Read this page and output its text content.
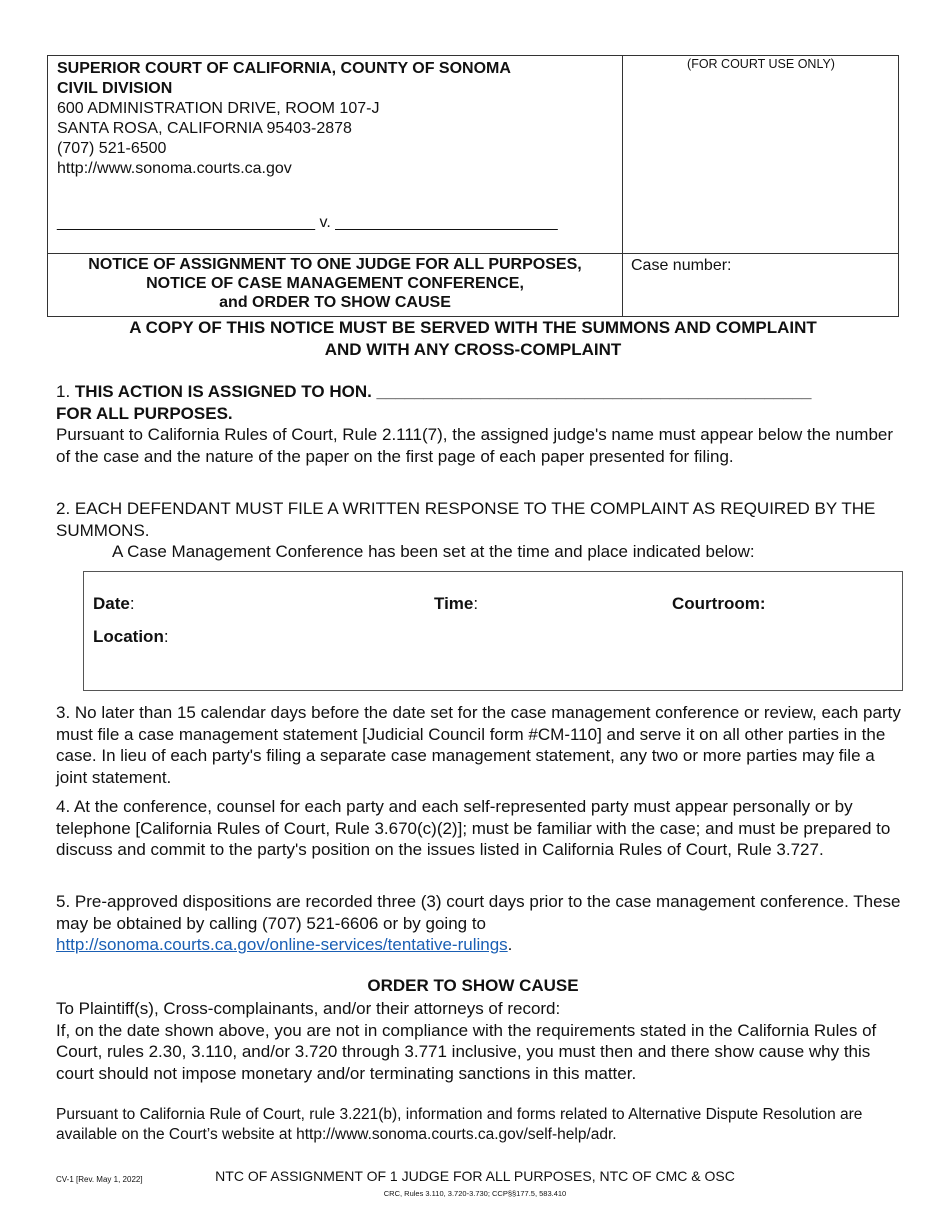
SUPERIOR COURT OF CALIFORNIA, COUNTY OF SONOMA
CIVIL DIVISION
600 ADMINISTRATION DRIVE, ROOM 107-J
SANTA ROSA, CALIFORNIA 95403-2878
(707) 521-6500
http://www.sonoma.courts.ca.gov
(FOR COURT USE ONLY)
_____________________________ v. _________________________
NOTICE OF ASSIGNMENT TO ONE JUDGE FOR ALL PURPOSES,
NOTICE OF CASE MANAGEMENT CONFERENCE,
and ORDER TO SHOW CAUSE
Case number:
A COPY OF THIS NOTICE MUST BE SERVED WITH THE SUMMONS AND COMPLAINT
AND WITH ANY CROSS-COMPLAINT
1. THIS ACTION IS ASSIGNED TO HON. ______________________________________________
FOR ALL PURPOSES.
Pursuant to California Rules of Court, Rule 2.111(7), the assigned judge's name must appear below the number of the case and the nature of the paper on the first page of each paper presented for filing.
2. EACH DEFENDANT MUST FILE A WRITTEN RESPONSE TO THE COMPLAINT AS REQUIRED BY THE SUMMONS.
A Case Management Conference has been set at the time and place indicated below:
Date:	Time:	Courtroom:
Location:
3. No later than 15 calendar days before the date set for the case management conference or review, each party must file a case management statement [Judicial Council form #CM-110] and serve it on all other parties in the case. In lieu of each party's filing a separate case management statement, any two or more parties may file a joint statement.
4. At the conference, counsel for each party and each self-represented party must appear personally or by telephone [California Rules of Court, Rule 3.670(c)(2)]; must be familiar with the case; and must be prepared to discuss and commit to the party's position on the issues listed in California Rules of Court, Rule 3.727.
5. Pre-approved dispositions are recorded three (3) court days prior to the case management conference. These may be obtained by calling (707) 521-6606 or by going to
http://sonoma.courts.ca.gov/online-services/tentative-rulings.
ORDER TO SHOW CAUSE
To Plaintiff(s), Cross-complainants, and/or their attorneys of record:
If, on the date shown above, you are not in compliance with the requirements stated in the California Rules of Court, rules 2.30, 3.110, and/or 3.720 through 3.771 inclusive, you must then and there show cause why this court should not impose monetary and/or terminating sanctions in this matter.
Pursuant to California Rule of Court, rule 3.221(b), information and forms related to Alternative Dispute Resolution are available on the Court’s website at http://www.sonoma.courts.ca.gov/self-help/adr.
CV-1 [Rev. May 1, 2022]	NTC OF ASSIGNMENT OF 1 JUDGE FOR ALL PURPOSES, NTC OF CMC & OSC
CRC, Rules 3.110, 3.720-3.730; CCP§§177.5, 583.410
